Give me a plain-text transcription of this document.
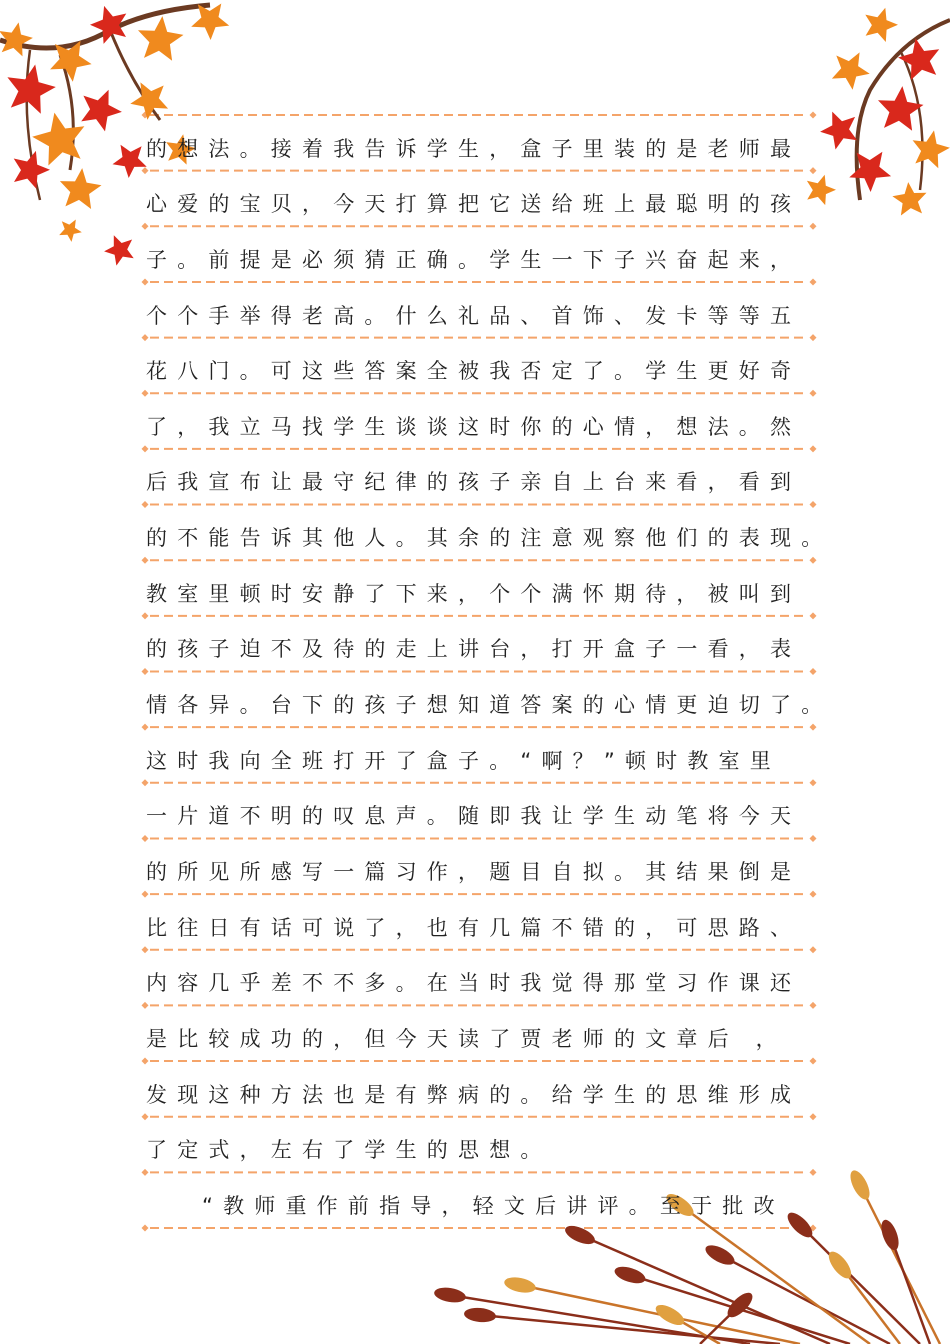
的想法。接着我告诉学生，盒子里装的是老师最
心爱的宝贝，今天打算把它送给班上最聪明的孩
子。前提是必须猜正确。学生一下子兴奋起来，
个个手举得老高。什么礼品、首饰、发卡等等五
花八门。可这些答案全被我否定了。学生更好奇
了，我立马找学生谈谈这时你的心情，想法。然
后我宣布让最守纪律的孩子亲自上台来看，看到
的不能告诉其他人。其余的注意观察他们的表现。
教室里顿时安静了下来，个个满怀期待，被叫到
的孩子迫不及待的走上讲台，打开盒子一看，表
情各异。台下的孩子想知道答案的心情更迫切了。
这时我向全班打开了盒子。“啊？”顿时教室里
一片道不明的叹息声。随即我让学生动笔将今天
的所见所感写一篇习作，题目自拟。其结果倒是
比往日有话可说了，也有几篇不错的，可思路、
内容几乎差不不多。在当时我觉得那堂习作课还
是比较成功的，但今天读了贾老师的文章后 ，
发现这种方法也是有弊病的。给学生的思维形成
了定式，左右了学生的思想。
“教师重作前指导，轻文后讲评。至于批改
